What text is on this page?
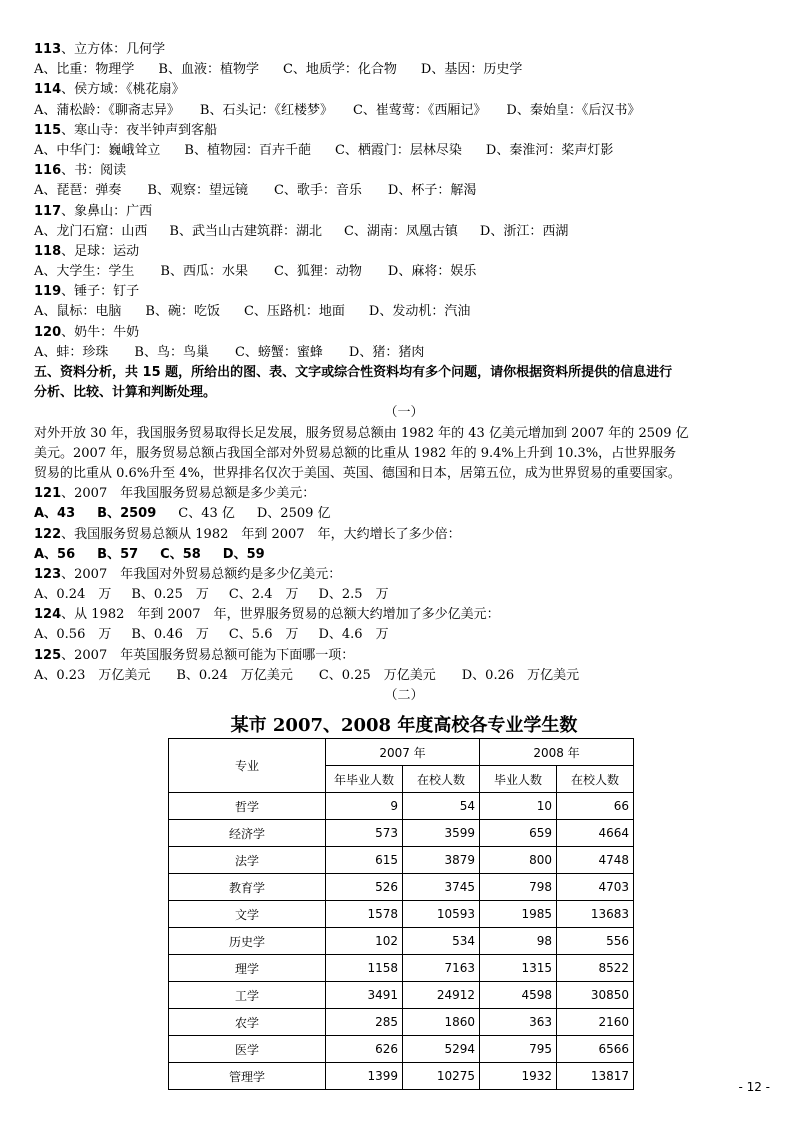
113、立方体：几何学
A、比重：物理学 B、血液：植物学 C、地质学：化合物 D、基因：历史学
114、侯方域：《桃花扇》
A、蒲松龄：《聊斋志异》 B、石头记：《红楼梦》 C、崔莺莺：《西厢记》 D、秦始皇：《后汉书》
115、寒山寺：夜半钟声到客船
A、中华门：巍峨耸立 B、植物园：百卉千葩 C、栖霞门：层林尽染 D、秦淮河：桨声灯影
116、书：阅读
A、琵琶：弹奏 B、观察：望远镜 C、歌手：音乐 D、杯子：解渴
117、象鼻山：广西
A、龙门石窟：山西 B、武当山古建筑群：湖北 C、湖南：凤凰古镇 D、浙江：西湖
118、足球：运动
A、大学生：学生 B、西瓜：水果 C、狐狸：动物 D、麻将：娱乐
119、锤子：钉子
A、鼠标：电脑 B、碗：吃饭 C、压路机：地面 D、发动机：汽油
120、奶牛：牛奶
A、蚌：珍珠 B、鸟：鸟巢 C、螃蟹：蜜蜂 D、猪：猪肉
五、资料分析，共 15 题，所给出的图、表、文字或综合性资料均有多个问题，请你根据资料所提供的信息进行
分析、比较、计算和判断处理。
（一）
对外开放 30 年，我国服务贸易取得长足发展，服务贸易总额由 1982 年的 43 亿美元增加到 2007 年的 2509 亿
美元。2007 年，服务贸易总额占我国全部对外贸易总额的比重从 1982 年的 9.4%上升到 10.3%，占世界服务
贸易的比重从 0.6%升至 4%，世界排名仅次于美国、英国、德国和日本，居第五位，成为世界贸易的重要国家。
121、2007　年我国服务贸易总额是多少美元：
A、43 B、2509 C、43 亿 D、2509 亿
122、我国服务贸易总额从 1982　年到 2007　年，大约增长了多少倍：
A、56 B、57 C、58 D、59
123、2007　年我国对外贸易总额约是多少亿美元：
A、0.24　万 B、0.25　万 C、2.4　万 D、2.5　万
124、从 1982　年到 2007　年，世界服务贸易的总额大约增加了多少亿美元：
A、0.56　万 B、0.46　万 C、5.6　万 D、4.6　万
125、2007　年英国服务贸易总额可能为下面哪一项：
A、0.23　万亿美元 B、0.24　万亿美元 C、0.25　万亿美元 D、0.26　万亿美元
（二）
某市 2007、2008 年度高校各专业学生数
专业	2007 年		2008 年	
	年毕业人数	在校人数	毕业人数	在校人数
哲学	9	54	10	66
经济学	573	3599	659	4664
法学	615	3879	800	4748
教育学	526	3745	798	4703
文学	1578	10593	1985	13683
历史学	102	534	98	556
理学	1158	7163	1315	8522
工学	3491	24912	4598	30850
农学	285	1860	363	2160
医学	626	5294	795	6566
管理学	1399	10275	1932	13817
- 12 -
